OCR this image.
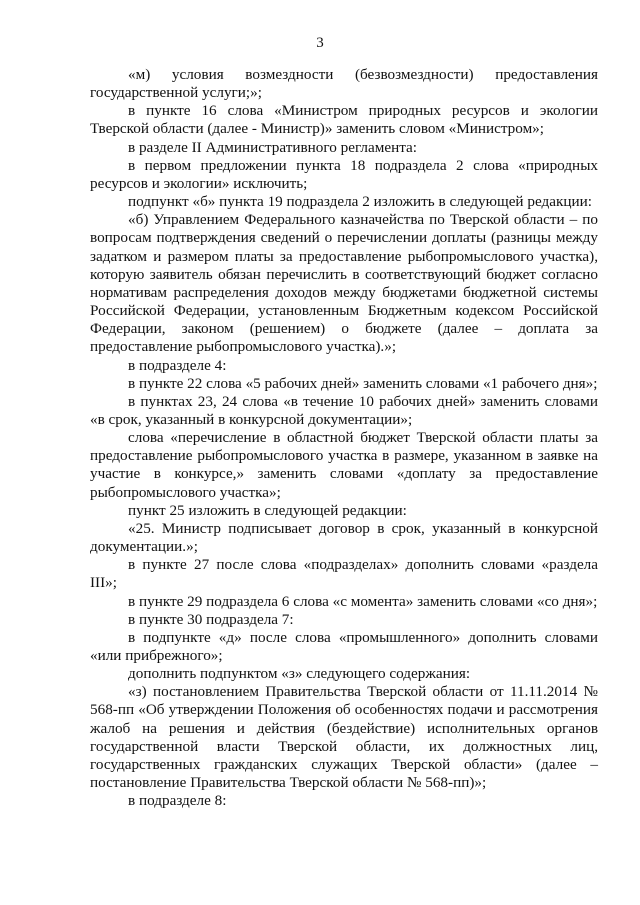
3

«м) условия возмездности (безвозмездности) предоставления государственной услуги;»;

в пункте 16 слова «Министром природных ресурсов и экологии Тверской области (далее - Министр)» заменить словом «Министром»;

в разделе II Административного регламента:

в первом предложении пункта 18 подраздела 2 слова «природных ресурсов и экологии» исключить;

подпункт «б» пункта 19 подраздела 2 изложить в следующей редакции:

«б) Управлением Федерального казначейства по Тверской области – по вопросам подтверждения сведений о перечислении доплаты (разницы между задатком и размером платы за предоставление рыбопромыслового участка), которую заявитель обязан перечислить в соответствующий бюджет согласно нормативам распределения доходов между бюджетами бюджетной системы Российской Федерации, установленным Бюджетным кодексом Российской Федерации, законом (решением) о бюджете (далее – доплата за предоставление рыбопромыслового участка).»;

в подразделе 4:

в пункте 22 слова «5 рабочих дней» заменить словами «1 рабочего дня»;

в пунктах 23, 24 слова «в течение 10 рабочих дней» заменить словами «в срок, указанный в конкурсной документации»;

слова «перечисление в областной бюджет Тверской области платы за предоставление рыбопромыслового участка в размере, указанном в заявке на участие в конкурсе,» заменить словами «доплату за предоставление рыбопромыслового участка»;

пункт 25 изложить в следующей редакции:

«25. Министр подписывает договор в срок, указанный в конкурсной документации.»;

в пункте 27 после слова «подразделах» дополнить словами «раздела III»;

в пункте 29 подраздела 6 слова «с момента» заменить словами «со дня»;

в пункте 30 подраздела 7:

в подпункте «д» после слова «промышленного» дополнить словами «или прибрежного»;

дополнить подпунктом «з» следующего содержания:

«з) постановлением Правительства Тверской области от 11.11.2014 № 568-пп «Об утверждении Положения об особенностях подачи и рассмотрения жалоб на решения и действия (бездействие) исполнительных органов государственной власти Тверской области, их должностных лиц, государственных гражданских служащих Тверской области» (далее – постановление Правительства Тверской области № 568-пп)»;

в подразделе 8:
